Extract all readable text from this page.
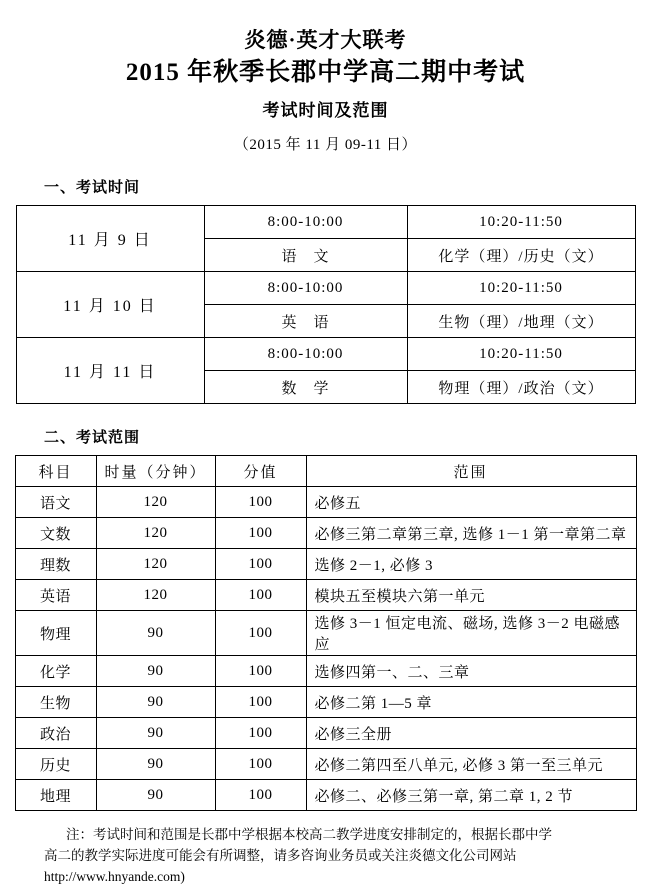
炎德·英才大联考
2015 年秋季长郡中学高二期中考试
考试时间及范围
（2015 年 11 月 09-11 日）
一、考试时间
11 月 9 日	8:00-10:00	10:20-11:50
	语　文	化学（理）/历史（文）
11 月 10 日	8:00-10:00	10:20-11:50
	英　语	生物（理）/地理（文）
11 月 11 日	8:00-10:00	10:20-11:50
	数　学	物理（理）/政治（文）
二、考试范围
科目	时量（分钟）	分值	范围
语文	120	100	必修五
文数	120	100	必修三第二章第三章, 选修 1－1 第一章第二章
理数	120	100	选修 2－1, 必修 3
英语	120	100	模块五至模块六第一单元
物理	90	100	选修 3－1 恒定电流、磁场, 选修 3－2 电磁感应
化学	90	100	选修四第一、二、三章
生物	90	100	必修二第 1—5 章
政治	90	100	必修三全册
历史	90	100	必修二第四至八单元, 必修 3 第一至三单元
地理	90	100	必修二、必修三第一章, 第二章 1, 2 节
注：考试时间和范围是长郡中学根据本校高二教学进度安排制定的，根据长郡中学
高二的教学实际进度可能会有所调整，请多咨询业务员或关注炎德文化公司网站
http://www.hnyande.com)
